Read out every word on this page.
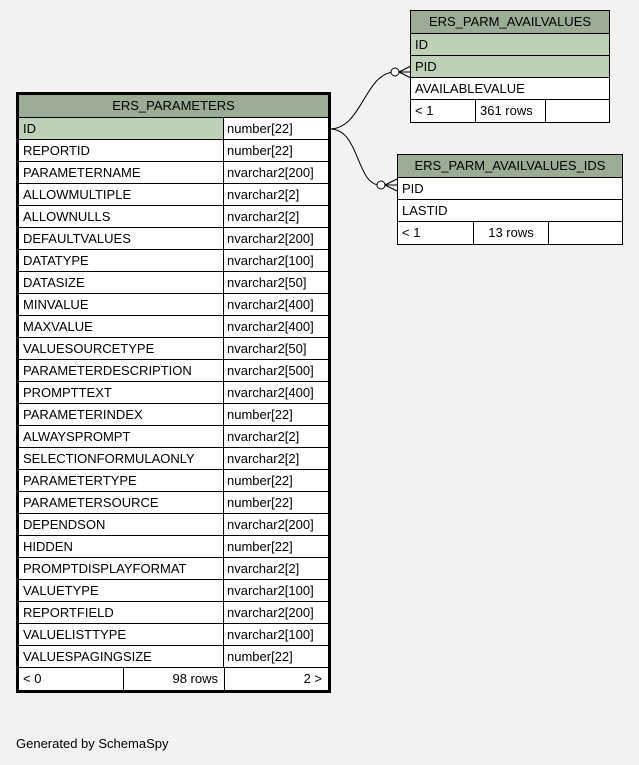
ERS_PARAMETERS
ID	number[22]
REPORTID	number[22]
PARAMETERNAME	nvarchar2[200]
ALLOWMULTIPLE	nvarchar2[2]
ALLOWNULLS	nvarchar2[2]
DEFAULTVALUES	nvarchar2[200]
DATATYPE	nvarchar2[100]
DATASIZE	nvarchar2[50]
MINVALUE	nvarchar2[400]
MAXVALUE	nvarchar2[400]
VALUESOURCETYPE	nvarchar2[50]
PARAMETERDESCRIPTION	nvarchar2[500]
PROMPTTEXT	nvarchar2[400]
PARAMETERINDEX	number[22]
ALWAYSPROMPT	nvarchar2[2]
SELECTIONFORMULAONLY	nvarchar2[2]
PARAMETERTYPE	number[22]
PARAMETERSOURCE	number[22]
DEPENDSON	nvarchar2[200]
HIDDEN	number[22]
PROMPTDISPLAYFORMAT	nvarchar2[2]
VALUETYPE	nvarchar2[100]
REPORTFIELD	nvarchar2[200]
VALUELISTTYPE	nvarchar2[100]
VALUESPAGINGSIZE	number[22]
< 0	98 rows	2 >
ERS_PARM_AVAILVALUES
ID
PID
AVAILABLEVALUE
< 1	361 rows
ERS_PARM_AVAILVALUES_IDS
PID
LASTID
< 1	13 rows
Generated by SchemaSpy
